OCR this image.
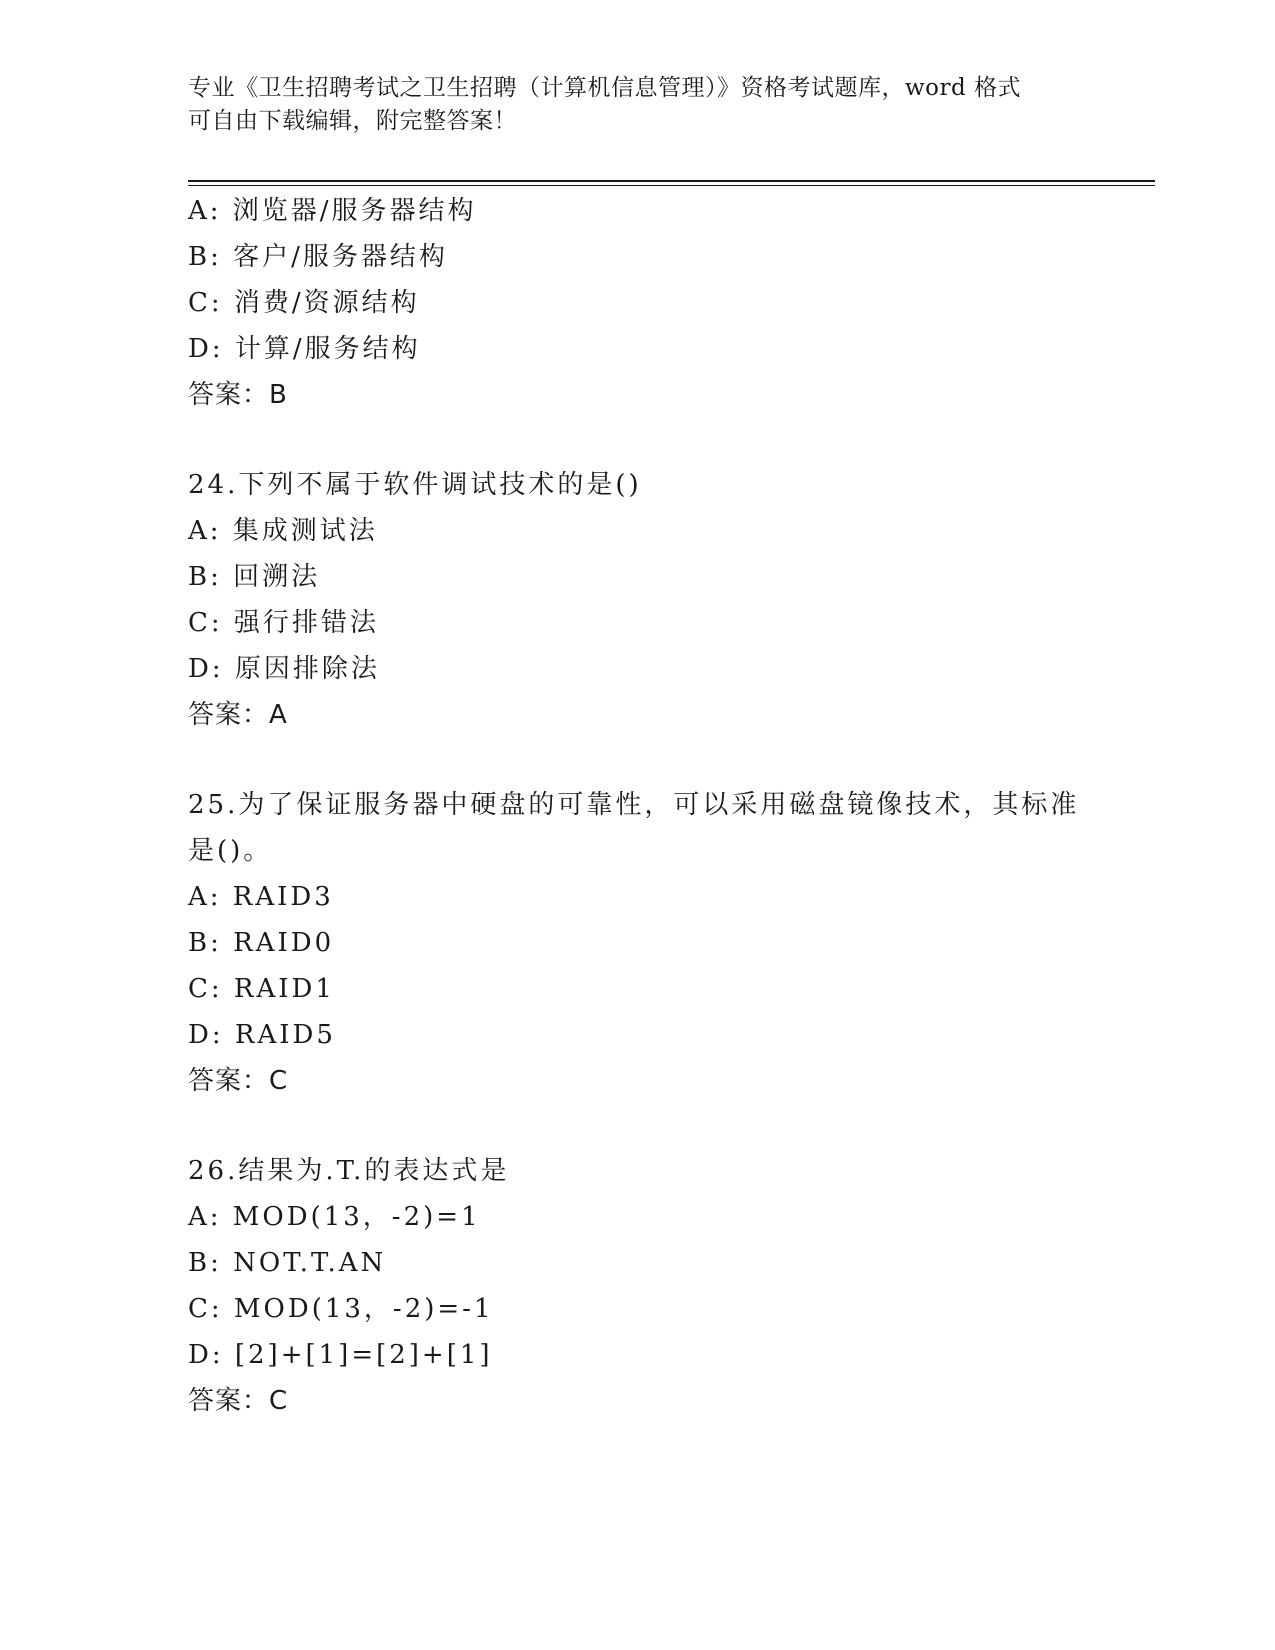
专业《卫生招聘考试之卫生招聘（计算机信息管理）》资格考试题库，word 格式
可自由下载编辑，附完整答案！
A: 浏览器/服务器结构
B: 客户/服务器结构
C: 消费/资源结构
D: 计算/服务结构
答案：B
24.下列不属于软件调试技术的是()
A: 集成测试法
B: 回溯法
C: 强行排错法
D: 原因排除法
答案：A
25.为了保证服务器中硬盘的可靠性，可以采用磁盘镜像技术，其标准
是()。
A: RAID3
B: RAID0
C: RAID1
D: RAID5
答案：C
26.结果为.T.的表达式是
A: MOD(13，-2)=1
B: NOT.T.AN
C: MOD(13，-2)=-1
D: [2]+[1]=[2]+[1]
答案：C
